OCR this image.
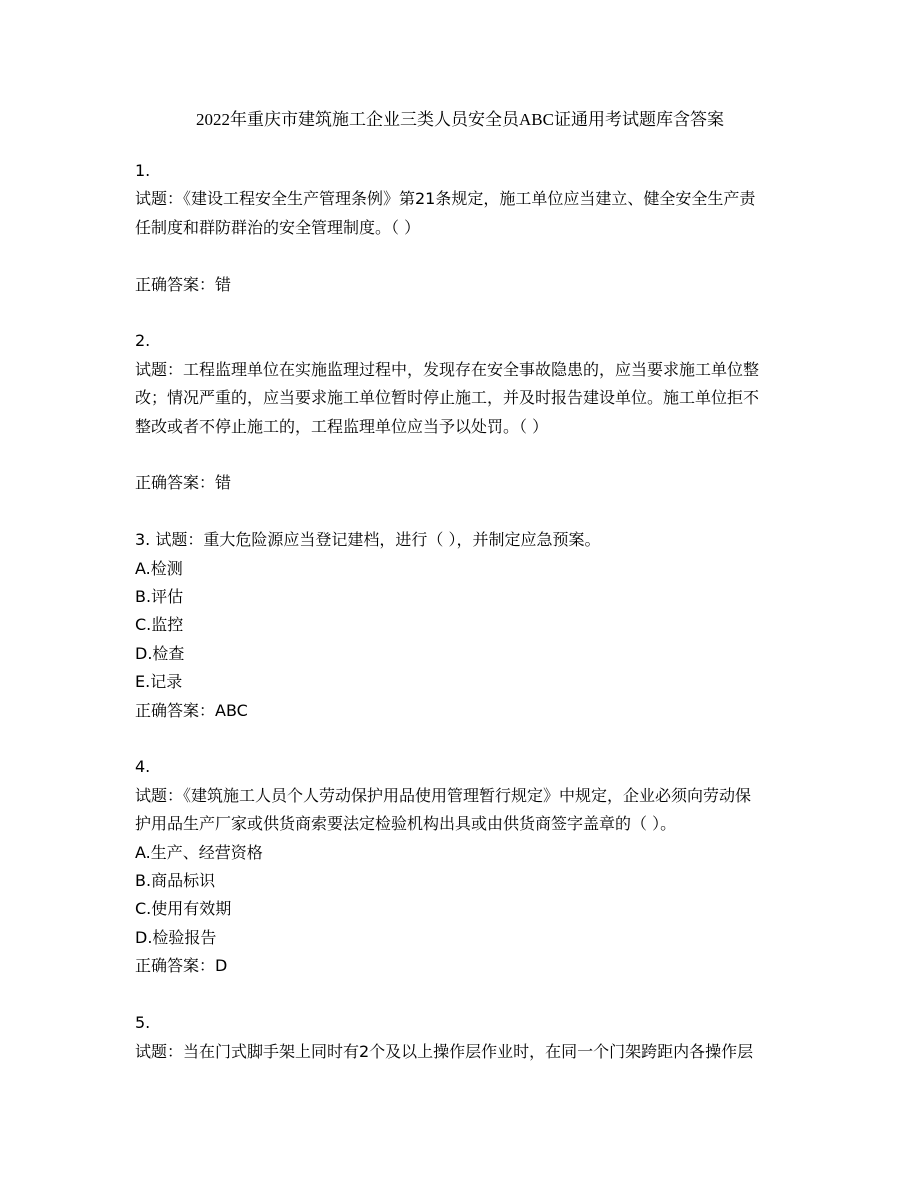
2022年重庆市建筑施工企业三类人员安全员ABC证通用考试题库含答案
1.
试题：《建设工程安全生产管理条例》第21条规定，施工单位应当建立、健全安全生产责
任制度和群防群治的安全管理制度。（ ）
正确答案：错
2.
试题：工程监理单位在实施监理过程中，发现存在安全事故隐患的，应当要求施工单位整
改；情况严重的，应当要求施工单位暂时停止施工，并及时报告建设单位。施工单位拒不
整改或者不停止施工的，工程监理单位应当予以处罚。（ ）
正确答案：错
3. 试题：重大危险源应当登记建档，进行（ ），并制定应急预案。
A.检测
B.评估
C.监控
D.检查
E.记录
正确答案：ABC
4.
试题：《建筑施工人员个人劳动保护用品使用管理暂行规定》中规定，企业必须向劳动保
护用品生产厂家或供货商索要法定检验机构出具或由供货商签字盖章的（ ）。
A.生产、经营资格
B.商品标识
C.使用有效期
D.检验报告
正确答案：D
5.
试题：当在门式脚手架上同时有2个及以上操作层作业时，在同一个门架跨距内各操作层
